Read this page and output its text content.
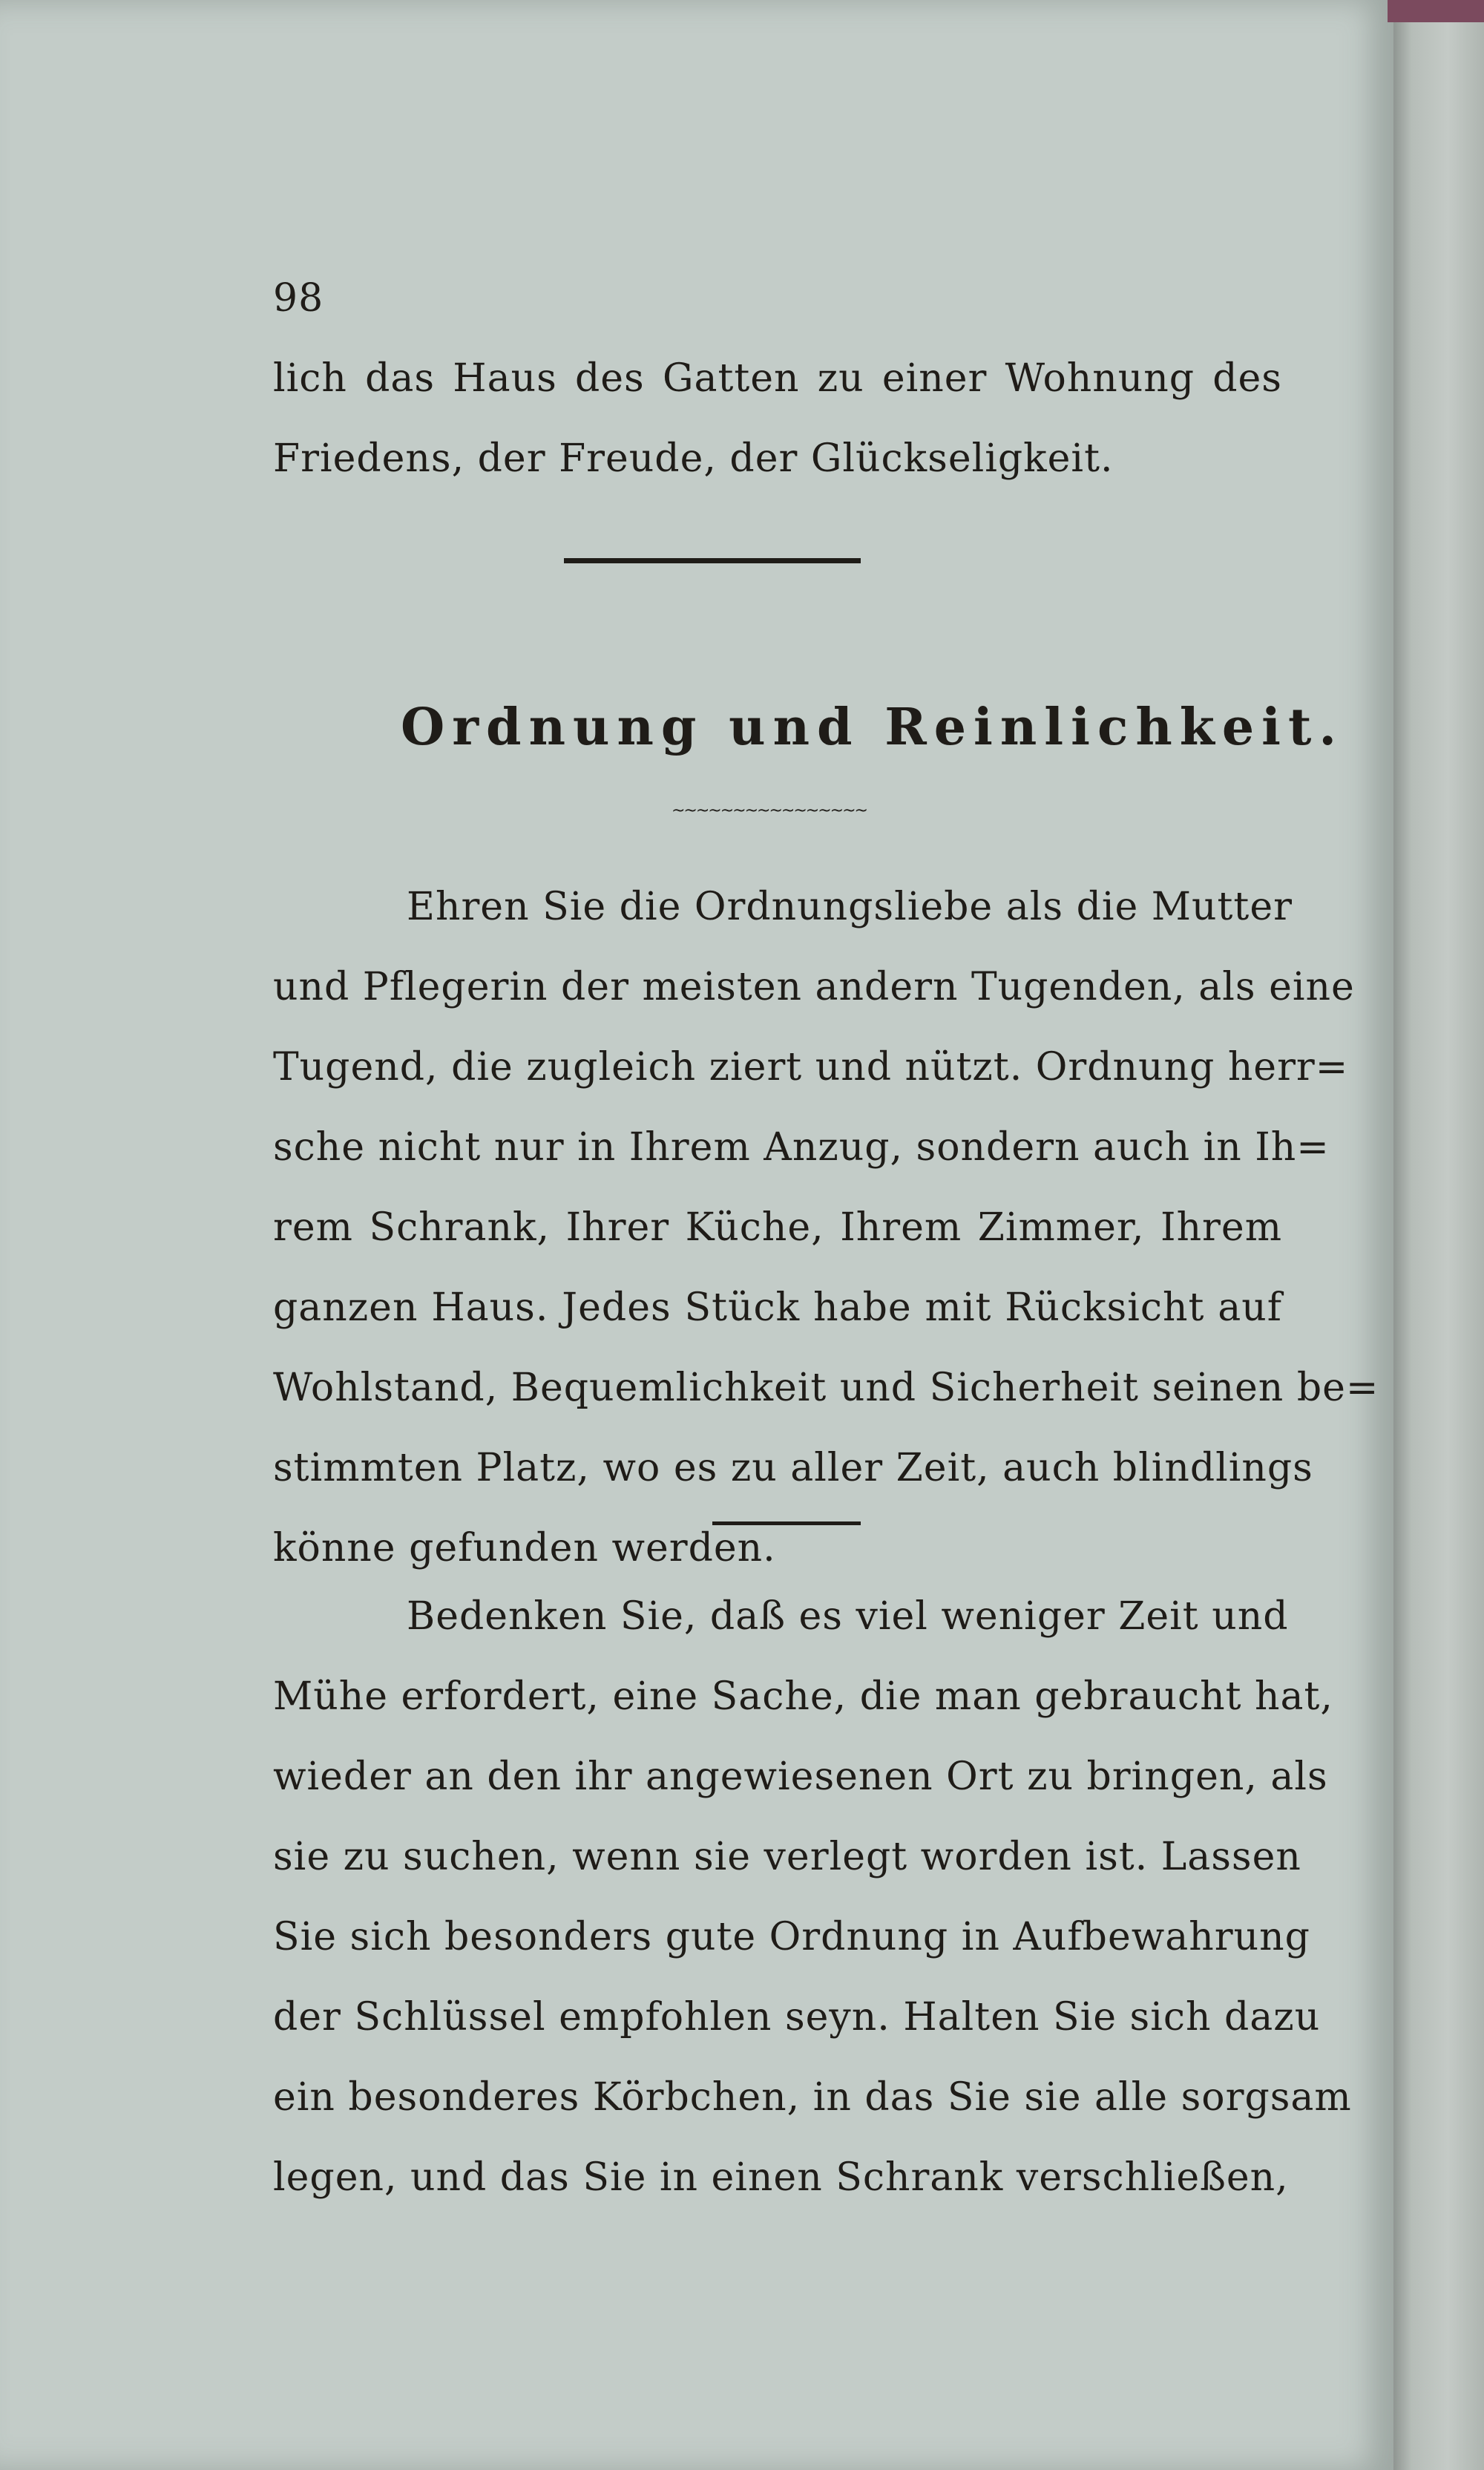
98
lich das Haus des Gatten zu einer Wohnung des
Friedens, der Freude, der Glückseligkeit.
Ordnung und Reinlichkeit.
~~~~~~~~~~~~~~~~
Ehren Sie die Ordnungsliebe als die Mutter
und Pflegerin der meisten andern Tugenden, als eine
Tugend, die zugleich ziert und nützt. Ordnung herr=
sche nicht nur in Ihrem Anzug, sondern auch in Ih=
rem Schrank, Ihrer Küche, Ihrem Zimmer, Ihrem
ganzen Haus. Jedes Stück habe mit Rücksicht auf
Wohlstand, Bequemlichkeit und Sicherheit seinen be=
stimmten Platz, wo es zu aller Zeit, auch blindlings
könne gefunden werden.
Bedenken Sie, daß es viel weniger Zeit und
Mühe erfordert, eine Sache, die man gebraucht hat,
wieder an den ihr angewiesenen Ort zu bringen, als
sie zu suchen, wenn sie verlegt worden ist. Lassen
Sie sich besonders gute Ordnung in Aufbewahrung
der Schlüssel empfohlen seyn. Halten Sie sich dazu
ein besonderes Körbchen, in das Sie sie alle sorgsam
legen, und das Sie in einen Schrank verschließen,
